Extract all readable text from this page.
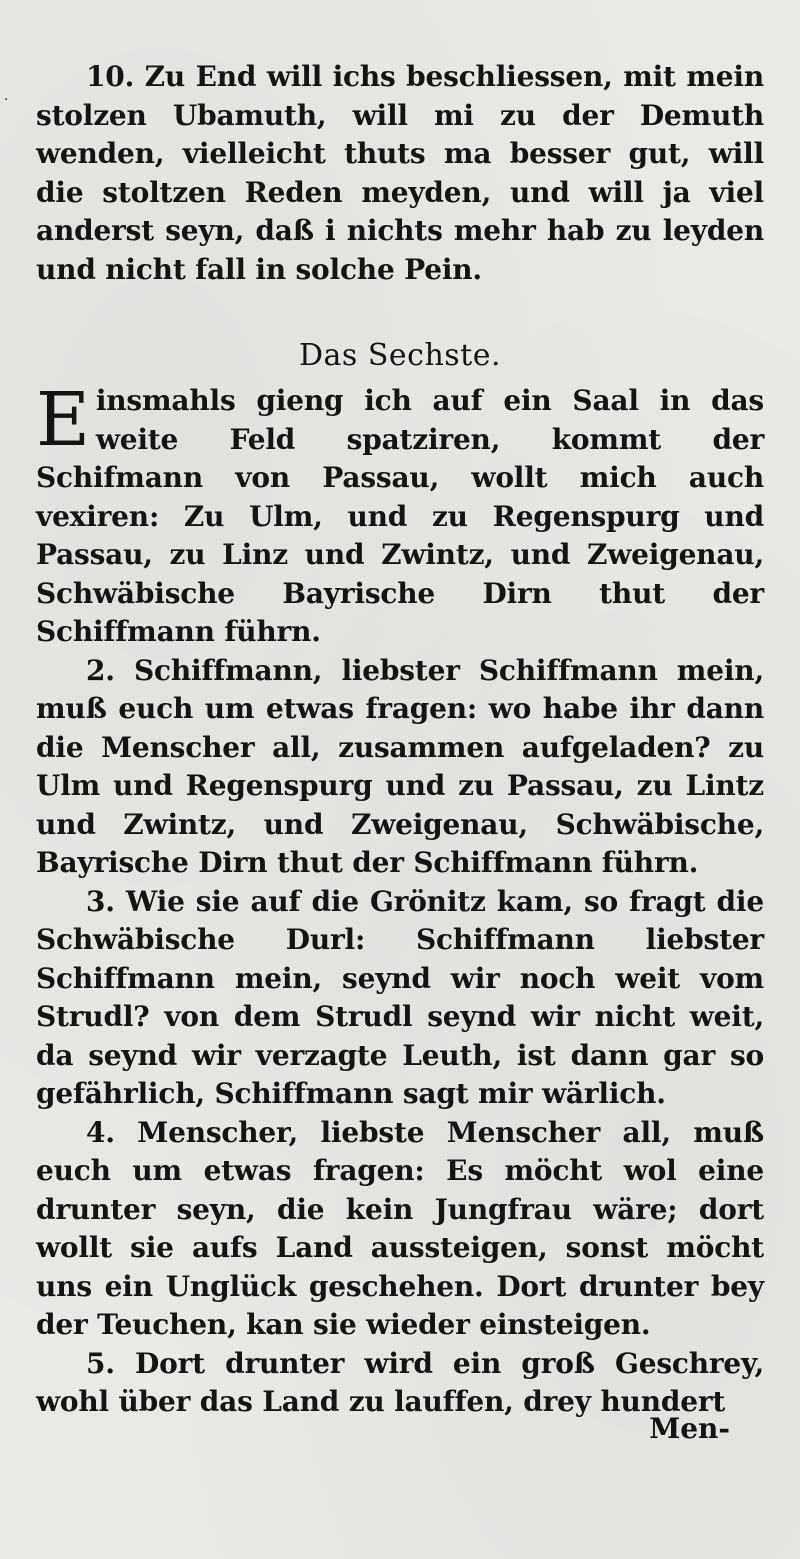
.

10. Zu End will ichs beschliessen, mit mein stolzen Ubamuth, will mi zu der Demuth wenden, vielleicht thuts ma besser gut, will die stoltzen Reden meyden, und will ja viel anderst seyn, daß i nichts mehr hab zu leyden und nicht fall in solche Pein.

Das Sechste.

Einsmahls gieng ich auf ein Saal in das weite Feld spatziren, kommt der Schifmann von Passau, wollt mich auch vexiren: Zu Ulm, und zu Regenspurg und Passau, zu Linz und Zwintz, und Zweigenau, Schwäbische Bayrische Dirn thut der Schiffmann führn.

2. Schiffmann, liebster Schiffmann mein, muß euch um etwas fragen: wo habe ihr dann die Menscher all, zusammen aufgeladen? zu Ulm und Regenspurg und zu Passau, zu Lintz und Zwintz, und Zweigenau, Schwäbische, Bayrische Dirn thut der Schiffmann führn.

3. Wie sie auf die Grönitz kam, so fragt die Schwäbische Durl: Schiffmann liebster Schiffmann mein, seynd wir noch weit vom Strudl? von dem Strudl seynd wir nicht weit, da seynd wir verzagte Leuth, ist dann gar so gefährlich, Schiffmann sagt mir wärlich.

4. Menscher, liebste Menscher all, muß euch um etwas fragen: Es möcht wol eine drunter seyn, die kein Jungfrau wäre; dort wollt sie aufs Land aussteigen, sonst möcht uns ein Unglück geschehen. Dort drunter bey der Teuchen, kan sie wieder einsteigen.

5. Dort drunter wird ein groß Geschrey, wohl über das Land zu lauffen, drey hundert

Men-
